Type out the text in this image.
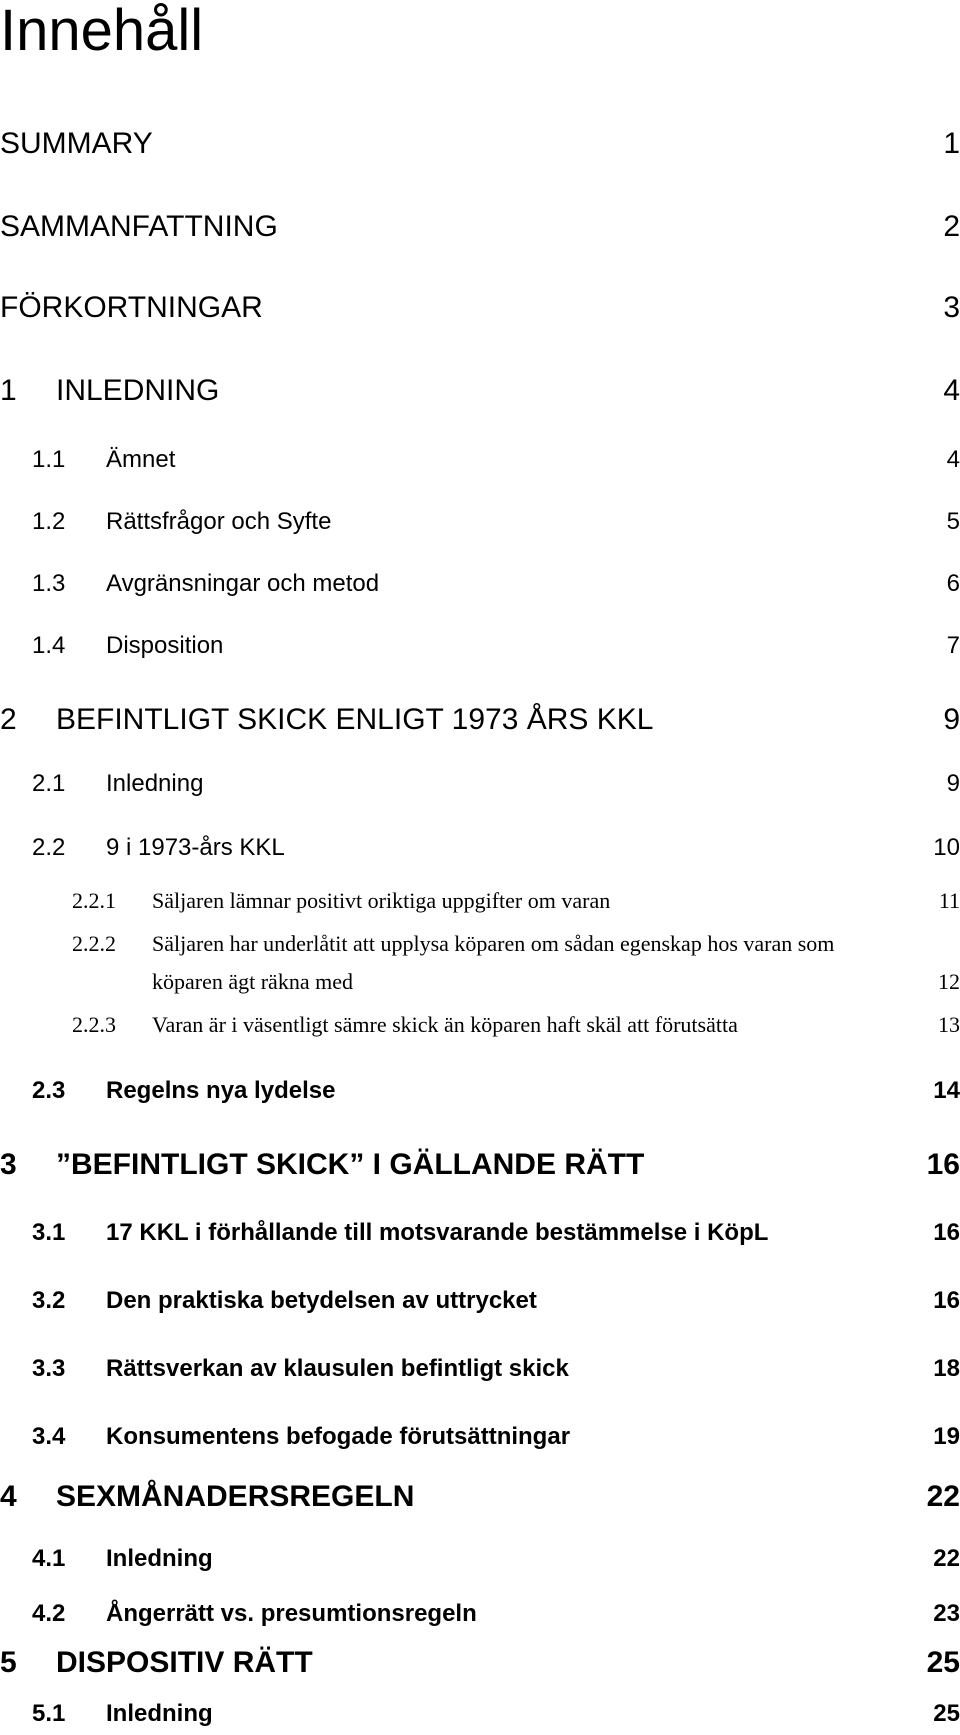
Innehåll
SUMMARY	1
SAMMANFATTNING	2
FÖRKORTNINGAR	3
1 INLEDNING	4
1.1 Ämnet	4
1.2 Rättsfrågor och Syfte	5
1.3 Avgränsningar och metod	6
1.4 Disposition	7
2 BEFINTLIGT SKICK ENLIGT 1973 ÅRS KKL	9
2.1 Inledning	9
2.2 9 i 1973-års KKL	10
2.2.1 Säljaren lämnar positivt oriktiga uppgifter om varan	11
2.2.2 Säljaren har underlåtit att upplysa köparen om sådan egenskap hos varan som
köparen ägt räkna med	12
2.2.3 Varan är i väsentligt sämre skick än köparen haft skäl att förutsätta	13
2.3 Regelns nya lydelse	14
3 ”BEFINTLIGT SKICK” I GÄLLANDE RÄTT	16
3.1 17 KKL i förhållande till motsvarande bestämmelse i KöpL	16
3.2 Den praktiska betydelsen av uttrycket	16
3.3 Rättsverkan av klausulen befintligt skick	18
3.4 Konsumentens befogade förutsättningar	19
4 SEXMÅNADERSREGELN	22
4.1 Inledning	22
4.2 Ångerrätt vs. presumtionsregeln	23
5 DISPOSITIV RÄTT	25
5.1 Inledning	25
